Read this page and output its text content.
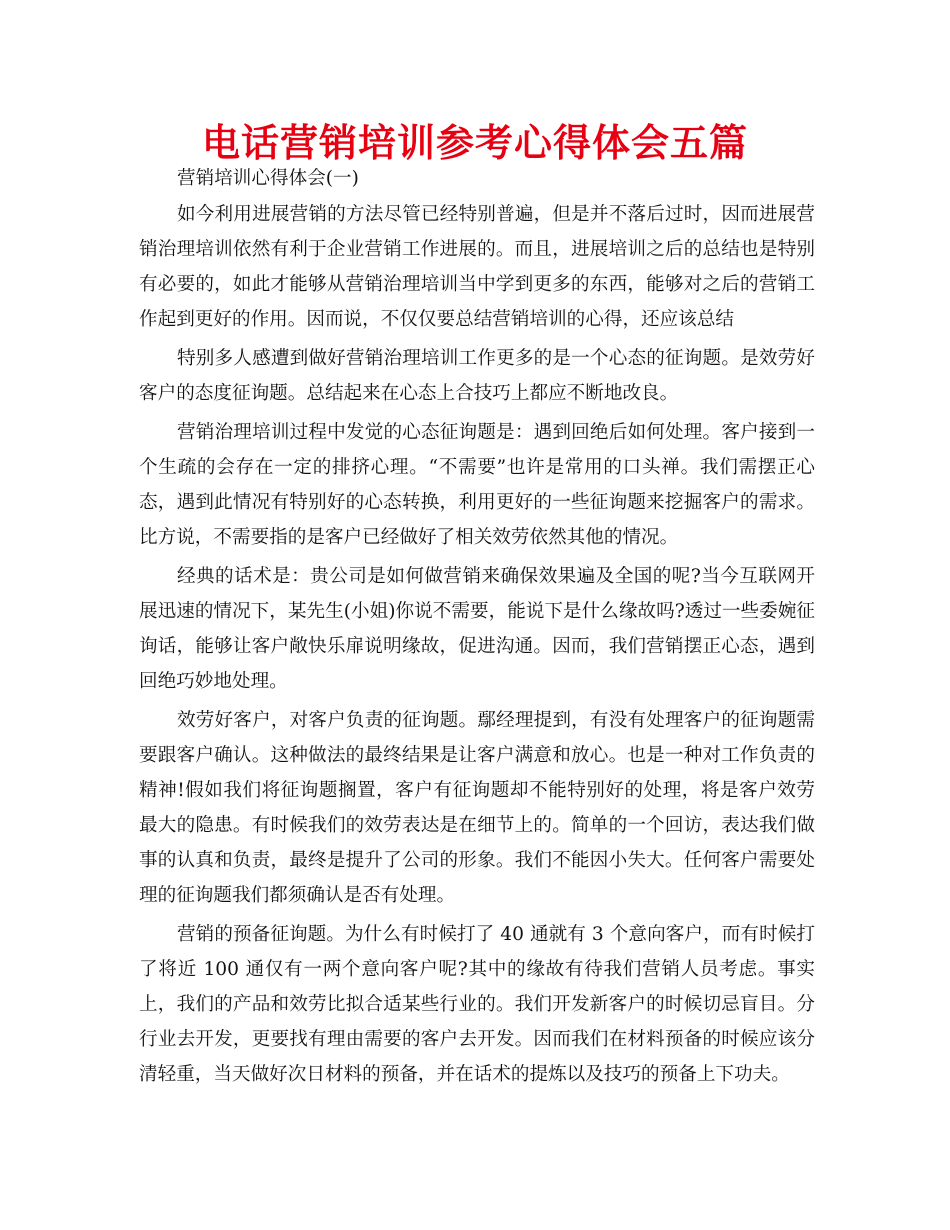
电话营销培训参考心得体会五篇

营销培训心得体会(一)

如今利用进展营销的方法尽管已经特别普遍，但是并不落后过时，因而进展营销治理培训依然有利于企业营销工作进展的。而且，进展培训之后的总结也是特别有必要的，如此才能够从营销治理培训当中学到更多的东西，能够对之后的营销工作起到更好的作用。因而说，不仅仅要总结营销培训的心得，还应该总结

特别多人感遭到做好营销治理培训工作更多的是一个心态的征询题。是效劳好客户的态度征询题。总结起来在心态上合技巧上都应不断地改良。

营销治理培训过程中发觉的心态征询题是：遇到回绝后如何处理。客户接到一个生疏的会存在一定的排挤心理。“不需要”也许是常用的口头禅。我们需摆正心态，遇到此情况有特别好的心态转换，利用更好的一些征询题来挖掘客户的需求。比方说，不需要指的是客户已经做好了相关效劳依然其他的情况。

经典的话术是：贵公司是如何做营销来确保效果遍及全国的呢?当今互联网开展迅速的情况下，某先生(小姐)你说不需要，能说下是什么缘故吗?透过一些委婉征询话，能够让客户敞快乐扉说明缘故，促进沟通。因而，我们营销摆正心态，遇到回绝巧妙地处理。

效劳好客户，对客户负责的征询题。鄢经理提到，有没有处理客户的征询题需要跟客户确认。这种做法的最终结果是让客户满意和放心。也是一种对工作负责的精神!假如我们将征询题搁置，客户有征询题却不能特别好的处理，将是客户效劳最大的隐患。有时候我们的效劳表达是在细节上的。简单的一个回访，表达我们做事的认真和负责，最终是提升了公司的形象。我们不能因小失大。任何客户需要处理的征询题我们都须确认是否有处理。

营销的预备征询题。为什么有时候打了 40 通就有 3 个意向客户，而有时候打了将近 100 通仅有一两个意向客户呢?其中的缘故有待我们营销人员考虑。事实上，我们的产品和效劳比拟合适某些行业的。我们开发新客户的时候切忌盲目。分行业去开发，更要找有理由需要的客户去开发。因而我们在材料预备的时候应该分清轻重，当天做好次日材料的预备，并在话术的提炼以及技巧的预备上下功夫。
